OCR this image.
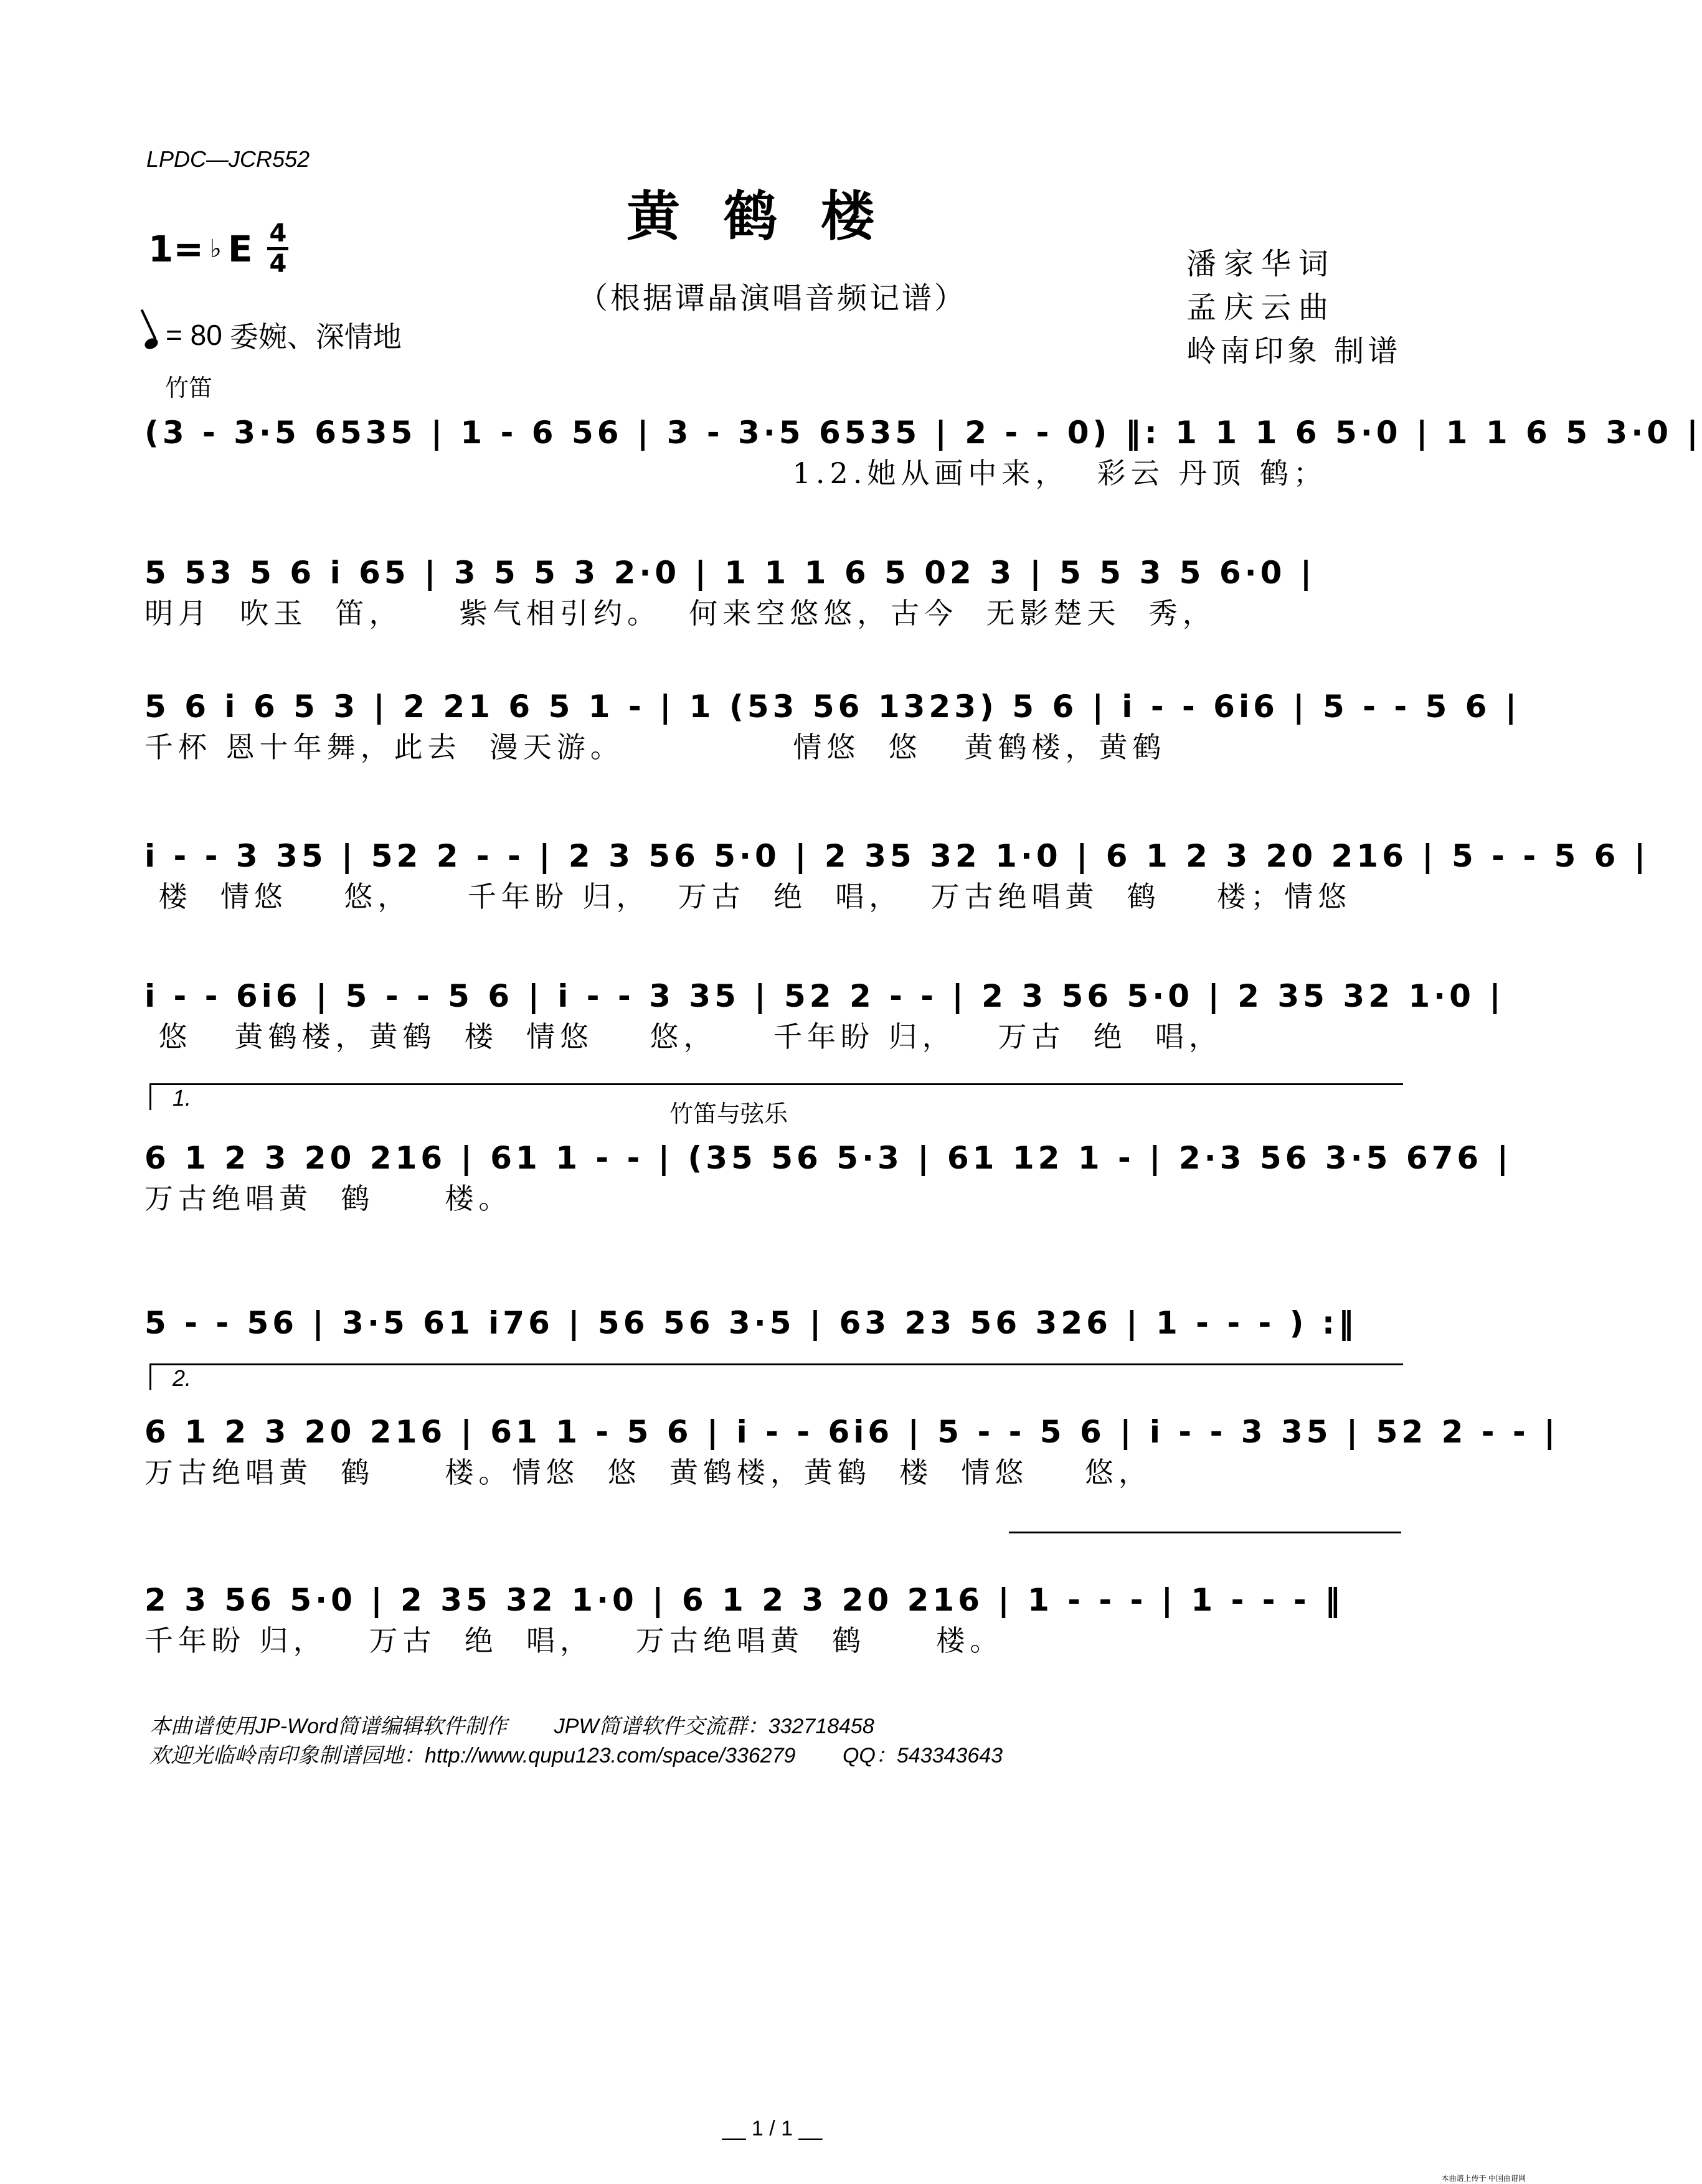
LPDC—JCR552
黄鹤楼
（根据谭晶演唱音频记谱）
潘家华词
孟庆云曲
岭南印象 制谱
1= ♭ E 4
4
= 80 委婉、深情地
竹笛
(3 - 3·5 6535 | 1 - 6 56 | 3 - 3·5 6535 | 2 - - 0) ‖: 1 1 1 6 5·0 | 1 1 6 5 3·0 |
1.2.她从画中来，  彩云 丹顶 鹤；
5 53 5 6 i 65 | 3 5 5 3 2·0 | 1 1 1 6 5 02 3 | 5 5 3 5 6·0 |
明月  吹玉  笛，    紫气相引约。  何来空悠悠，古今  无影楚天  秀，
5 6 i 6 5 3 | 2 21 6 5 1 - | 1 (53 56 1323) 5 6 | i - - 6i6 | 5 - - 5 6 |
千杯 恩十年舞，此去  漫天游。            情悠  悠   黄鹤楼，黄鹤
i - - 3 35 | 52 2 - - | 2 3 56 5·0 | 2 35 32 1·0 | 6 1 2 3 20 216 | 5 - - 5 6 |
楼  情悠    悠，    千年盼 归，  万古  绝  唱，  万古绝唱黄  鹤    楼；情悠
i - - 6i6 | 5 - - 5 6 | i - - 3 35 | 52 2 - - | 2 3 56 5·0 | 2 35 32 1·0 |
悠   黄鹤楼，黄鹤  楼  情悠    悠，    千年盼 归，   万古  绝  唱，
1.
竹笛与弦乐
6 1 2 3 20 216 | 61 1 - - | (35 56 5·3 | 61 12 1 - | 2·3 56 3·5 676 |
万古绝唱黄  鹤     楼。
5 - - 56 | 3·5 61 i76 | 56 56 3·5 | 63 23 56 326 | 1 - - - ) :‖
2.
6 1 2 3 20 216 | 61 1 - 5 6 | i - - 6i6 | 5 - - 5 6 | i - - 3 35 | 52 2 - - |
万古绝唱黄  鹤     楼。情悠  悠  黄鹤楼，黄鹤  楼  情悠    悠，
2 3 56 5·0 | 2 35 32 1·0 | 6 1 2 3 20 216 | 1 - - - | 1 - - - ‖
千年盼 归，   万古  绝  唱，   万古绝唱黄  鹤     楼。
本曲谱使用JP-Word简谱编辑软件制作        JPW简谱软件交流群：332718458
欢迎光临岭南印象制谱园地：http://www.qupu123.com/space/336279        QQ：543343643
__ 1 / 1 __
本曲谱上传于 中国曲谱网
